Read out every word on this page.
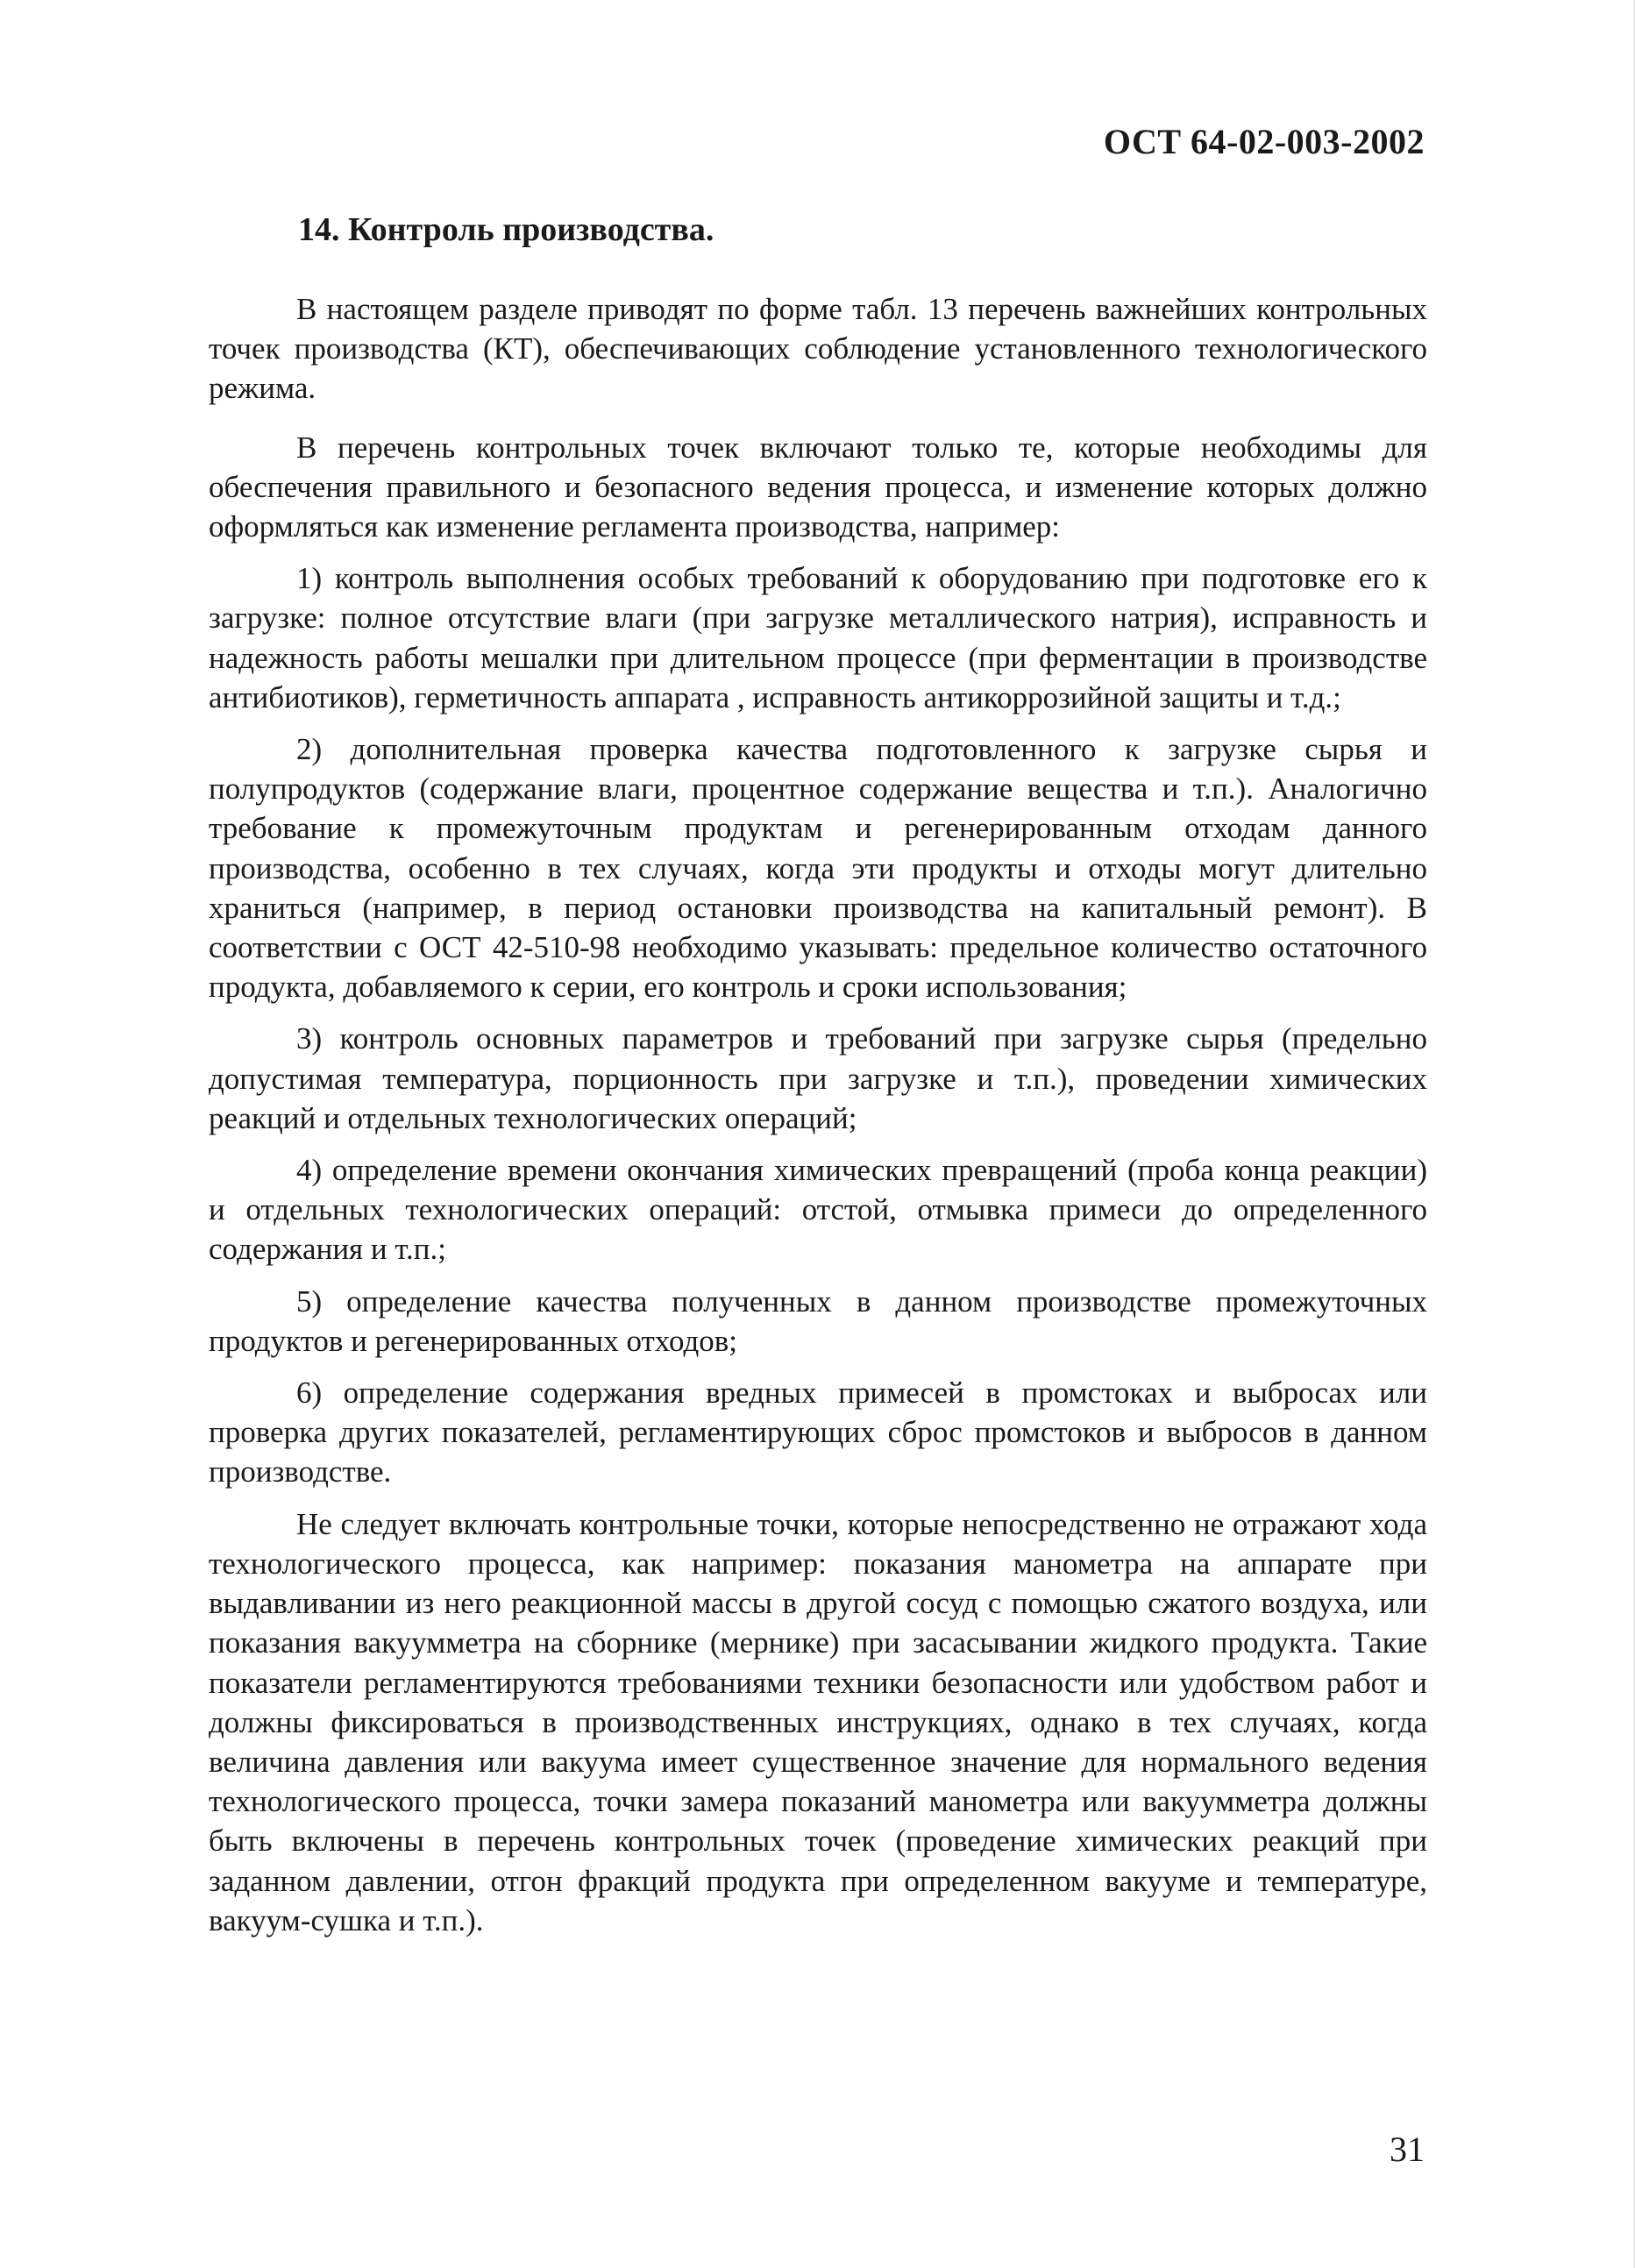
ОСТ 64-02-003-2002
14. Контроль производства.

В настоящем разделе приводят по форме табл. 13 перечень важнейших контрольных точек производства (КТ), обеспечивающих соблюдение установленного технологического режима.

В перечень контрольных точек включают только те, которые необходимы для обеспечения правильного и безопасного ведения процесса, и изменение которых должно оформляться как изменение регламента производства, например:

1) контроль выполнения особых требований к оборудованию при подготовке его к загрузке: полное отсутствие влаги (при загрузке металлического натрия), исправность и надежность работы мешалки при длительном процессе (при ферментации в производстве антибиотиков), герметичность аппарата , исправность антикоррозийной защиты и т.д.;

2) дополнительная проверка качества подготовленного к загрузке сырья и полупродуктов (содержание влаги, процентное содержание вещества и т.п.). Аналогично требование к промежуточным продуктам и регенерированным отходам данного производства, особенно в тех случаях, когда эти продукты и отходы могут длительно храниться (например, в период остановки производства на капитальный ремонт). В соответствии с ОСТ 42-510-98 необходимо указывать: предельное количество остаточного продукта, добавляемого к серии, его контроль и сроки использования;

3) контроль основных параметров и требований при загрузке сырья (предельно допустимая температура, порционность при загрузке и т.п.), проведении химических реакций и отдельных технологических операций;

4) определение времени окончания химических превращений (проба конца реакции) и отдельных технологических операций: отстой, отмывка примеси до определенного содержания и т.п.;

5) определение качества полученных в данном производстве промежуточных продуктов и регенерированных отходов;

6) определение содержания вредных примесей в промстоках и выбросах или проверка других показателей, регламентирующих сброс промстоков и выбросов в данном производстве.

Не следует включать контрольные точки, которые непосредственно не отражают хода технологического процесса, как например: показания манометра на аппарате при выдавливании из него реакционной массы в другой сосуд с помощью сжатого воздуха, или показания вакуумметра на сборнике (мернике) при засасывании жидкого продукта. Такие показатели регламентируются требованиями техники безопасности или удобством работ и должны фиксироваться в производственных инструкциях, однако в тех случаях, когда величина давления или вакуума имеет существенное значение для нормального ведения технологического процесса, точки замера показаний манометра или вакуумметра должны быть включены в перечень контрольных точек (проведение химических реакций при заданном давлении, отгон фракций продукта при определенном вакууме и температуре, вакуум-сушка и т.п.).

31
